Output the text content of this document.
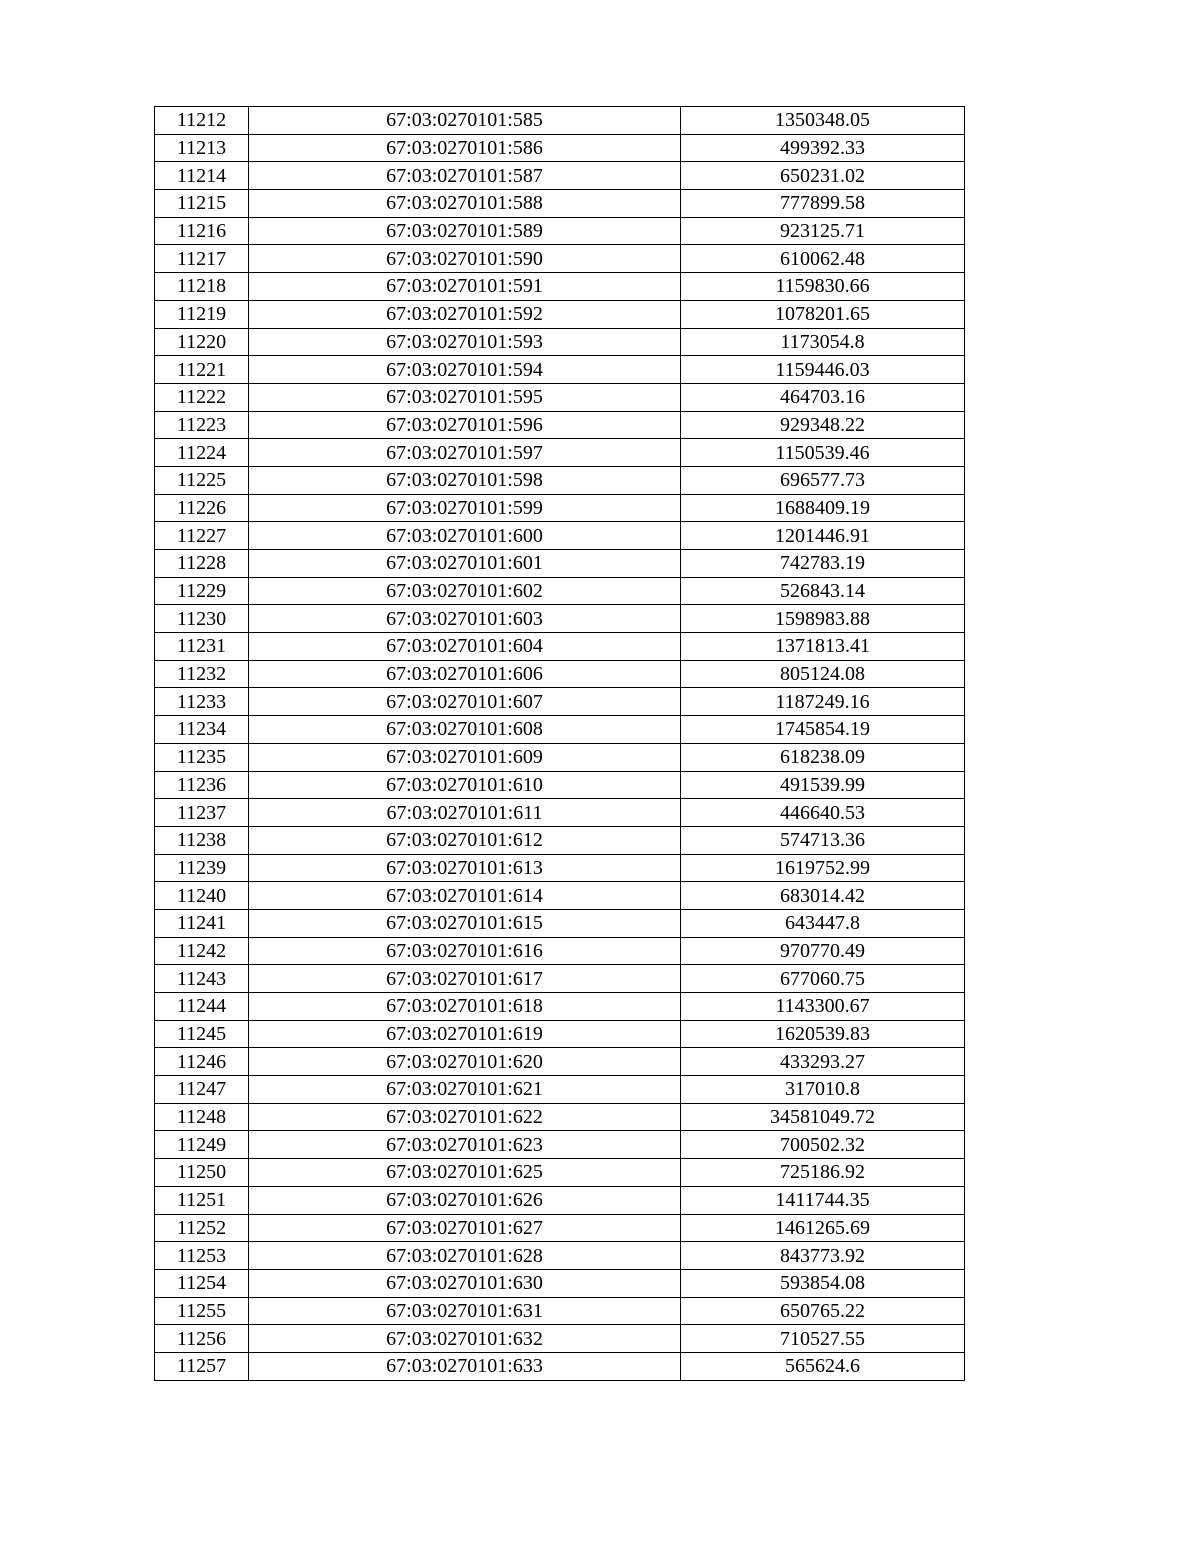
11212	67:03:0270101:585	1350348.05
11213	67:03:0270101:586	499392.33
11214	67:03:0270101:587	650231.02
11215	67:03:0270101:588	777899.58
11216	67:03:0270101:589	923125.71
11217	67:03:0270101:590	610062.48
11218	67:03:0270101:591	1159830.66
11219	67:03:0270101:592	1078201.65
11220	67:03:0270101:593	1173054.8
11221	67:03:0270101:594	1159446.03
11222	67:03:0270101:595	464703.16
11223	67:03:0270101:596	929348.22
11224	67:03:0270101:597	1150539.46
11225	67:03:0270101:598	696577.73
11226	67:03:0270101:599	1688409.19
11227	67:03:0270101:600	1201446.91
11228	67:03:0270101:601	742783.19
11229	67:03:0270101:602	526843.14
11230	67:03:0270101:603	1598983.88
11231	67:03:0270101:604	1371813.41
11232	67:03:0270101:606	805124.08
11233	67:03:0270101:607	1187249.16
11234	67:03:0270101:608	1745854.19
11235	67:03:0270101:609	618238.09
11236	67:03:0270101:610	491539.99
11237	67:03:0270101:611	446640.53
11238	67:03:0270101:612	574713.36
11239	67:03:0270101:613	1619752.99
11240	67:03:0270101:614	683014.42
11241	67:03:0270101:615	643447.8
11242	67:03:0270101:616	970770.49
11243	67:03:0270101:617	677060.75
11244	67:03:0270101:618	1143300.67
11245	67:03:0270101:619	1620539.83
11246	67:03:0270101:620	433293.27
11247	67:03:0270101:621	317010.8
11248	67:03:0270101:622	34581049.72
11249	67:03:0270101:623	700502.32
11250	67:03:0270101:625	725186.92
11251	67:03:0270101:626	1411744.35
11252	67:03:0270101:627	1461265.69
11253	67:03:0270101:628	843773.92
11254	67:03:0270101:630	593854.08
11255	67:03:0270101:631	650765.22
11256	67:03:0270101:632	710527.55
11257	67:03:0270101:633	565624.6
